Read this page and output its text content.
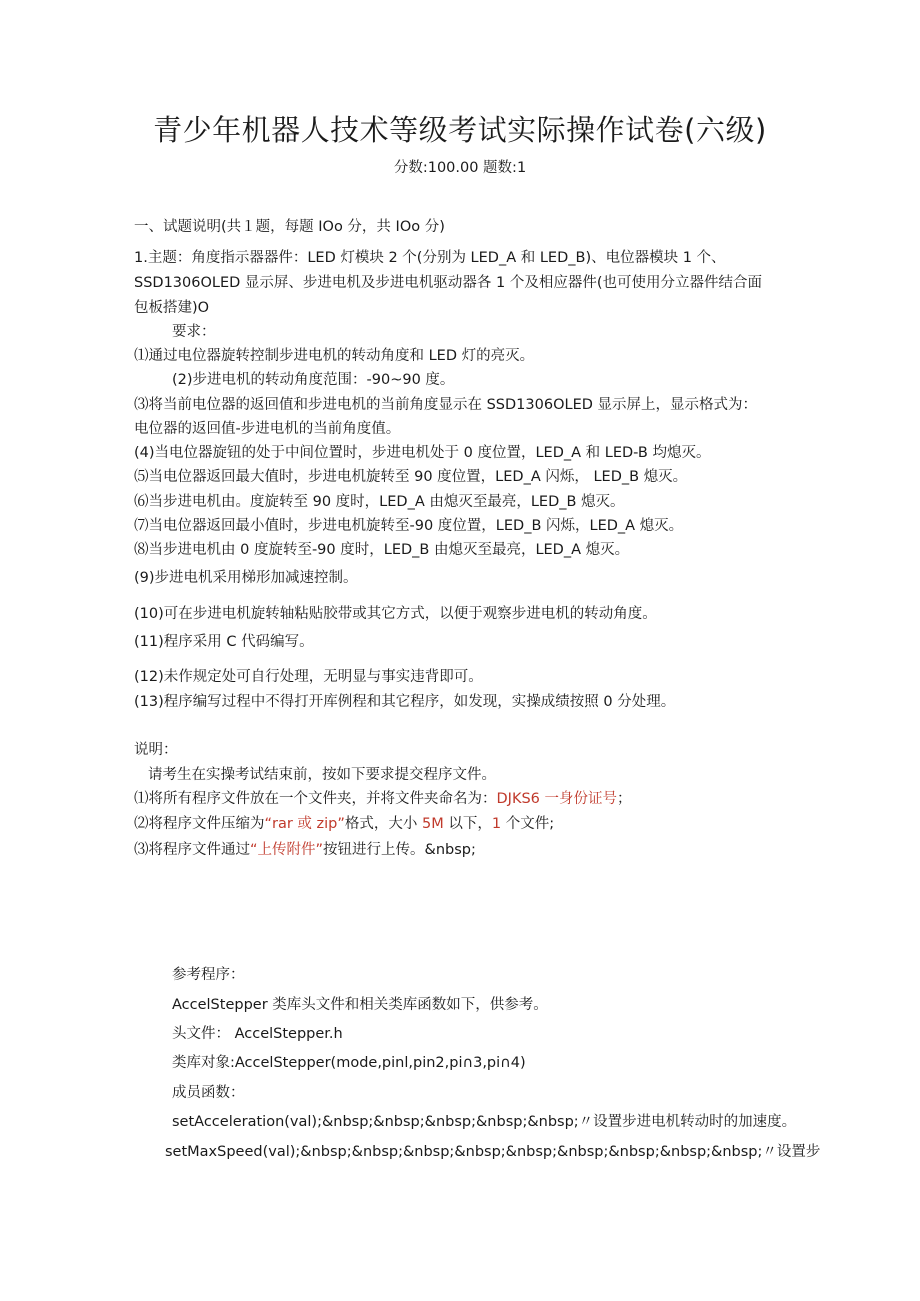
青少年机器人技术等级考试实际操作试卷(六级)
分数:100.00 题数:1
一、试题说明(共１题，每题 IOo 分，共 IOo 分)
1.主题：角度指示器器件：LED 灯模块 2 个(分别为 LED_A 和 LED_B)、电位器模块 1 个、
SSD1306OLED 显示屏、步进电机及步进电机驱动器各 1 个及相应器件(也可使用分立器件结合面
包板搭建)O
要求：
⑴通过电位器旋转控制步进电机的转动角度和 LED 灯的亮灭。
(2)步进电机的转动角度范围：-90~90 度。
⑶将当前电位器的返回值和步进电机的当前角度显示在 SSD1306OLED 显示屏上，显示格式为：
电位器的返回值-步进电机的当前角度值。
(4)当电位器旋钮的处于中间位置时，步进电机处于 0 度位置，LED_A 和 LED-B 均熄灭。
⑸当电位器返回最大值时，步进电机旋转至 90 度位置，LED_A 闪烁， LED_B 熄灭。
⑹当步进电机由。度旋转至 90 度时，LED_A 由熄灭至最亮，LED_B 熄灭。
⑺当电位器返回最小值时，步进电机旋转至-90 度位置，LED_B 闪烁，LED_A 熄灭。
⑻当步进电机由 0 度旋转至-90 度时，LED_B 由熄灭至最亮，LED_A 熄灭。
(9)步进电机采用梯形加减速控制。
(10)可在步进电机旋转轴粘贴胶带或其它方式，以便于观察步进电机的转动角度。
(11)程序采用 C 代码编写。
(12)未作规定处可自行处理，无明显与事实违背即可。
(13)程序编写过程中不得打开库例程和其它程序，如发现，实操成绩按照 0 分处理。
说明：
请考生在实操考试结束前，按如下要求提交程序文件。
⑴将所有程序文件放在一个文件夹，并将文件夹命名为：DJKS6 一身份证号；
⑵将程序文件压缩为“rar 或 zip”格式，大小 5M 以下，1 个文件;
⑶将程序文件通过“上传附件”按钮进行上传。&nbsp;
参考程序：
AccelStepper 类库头文件和相关类库函数如下，供参考。
头文件： AccelStepper.h
类库对象:AccelStepper(mode,pinl,pin2,pi∩3,pi∩4)
成员函数：
setAcceleration(val);&nbsp;&nbsp;&nbsp;&nbsp;&nbsp;〃设置步进电机转动时的加速度。
setMaxSpeed(val);&nbsp;&nbsp;&nbsp;&nbsp;&nbsp;&nbsp;&nbsp;&nbsp;&nbsp;〃设置步
